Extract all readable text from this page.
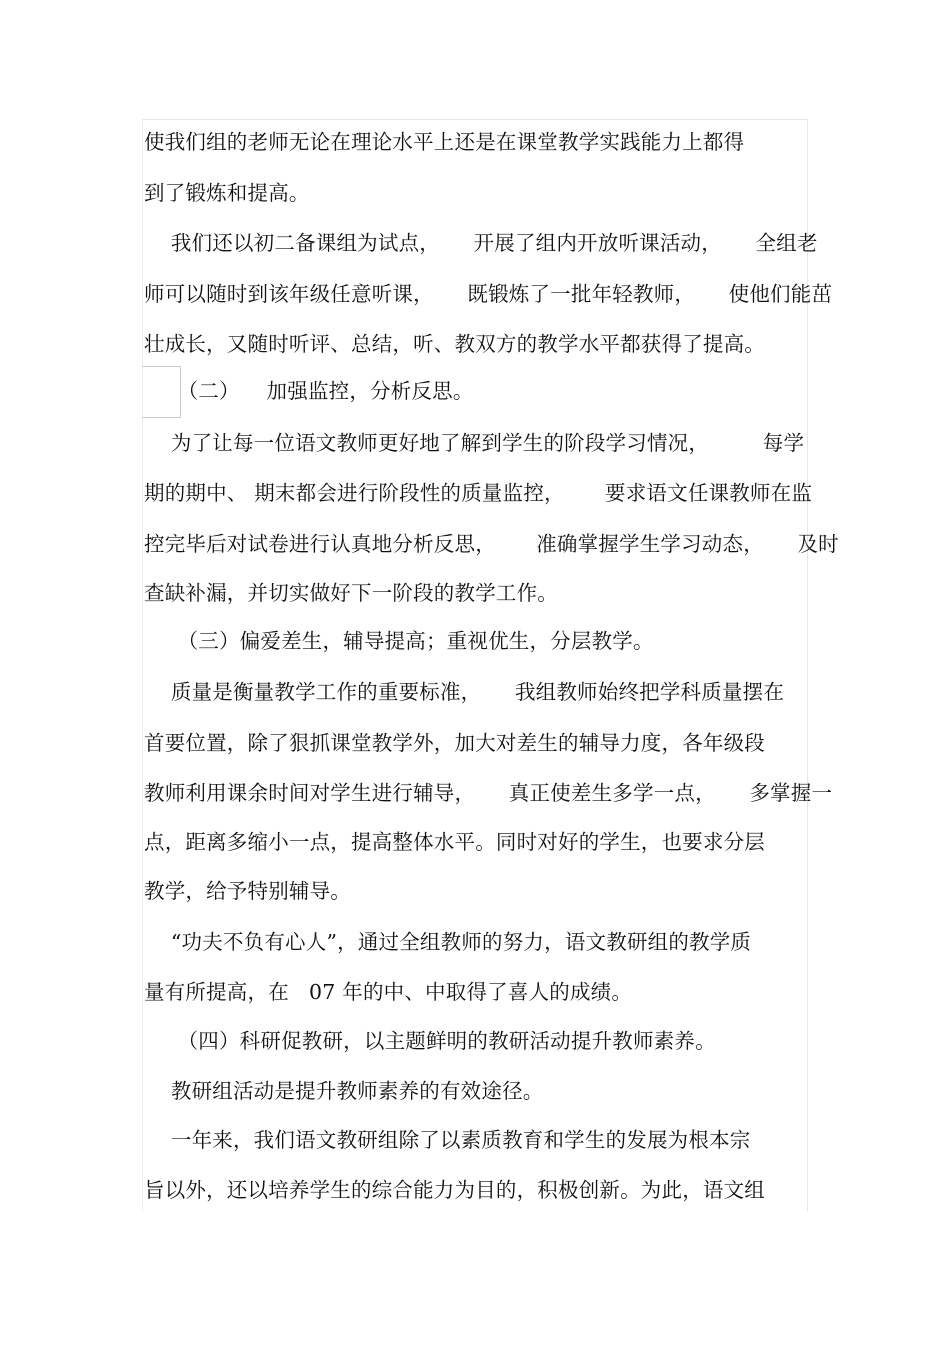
使我们组的老师无论在理论水平上还是在课堂教学实践能力上都得
到了锻炼和提高。
我们还以初二备课组为试点，     开展了组内开放听课活动，     全组老
师可以随时到该年级任意听课，     既锻炼了一批年轻教师，     使他们能茁
壮成长，又随时听评、总结，听、教双方的教学水平都获得了提高。
（二）    加强监控，分析反思。
为了让每一位语文教师更好地了解到学生的阶段学习情况，        每学
期的期中、 期末都会进行阶段性的质量监控，      要求语文任课教师在监
控完毕后对试卷进行认真地分析反思，      准确掌握学生学习动态，     及时
查缺补漏，并切实做好下一阶段的教学工作。
（三）偏爱差生，辅导提高；重视优生，分层教学。
质量是衡量教学工作的重要标准，     我组教师始终把学科质量摆在
首要位置，除了狠抓课堂教学外，加大对差生的辅导力度，各年级段
教师利用课余时间对学生进行辅导，     真正使差生多学一点，     多掌握一
点，距离多缩小一点，提高整体水平。同时对好的学生，也要求分层
教学，给予特别辅导。
“功夫不负有心人”，通过全组教师的努力，语文教研组的教学质
量有所提高，在   07 年的中、中取得了喜人的成绩。
（四）科研促教研，以主题鲜明的教研活动提升教师素养。
教研组活动是提升教师素养的有效途径。
一年来，我们语文教研组除了以素质教育和学生的发展为根本宗
旨以外，还以培养学生的综合能力为目的，积极创新。为此，语文组
